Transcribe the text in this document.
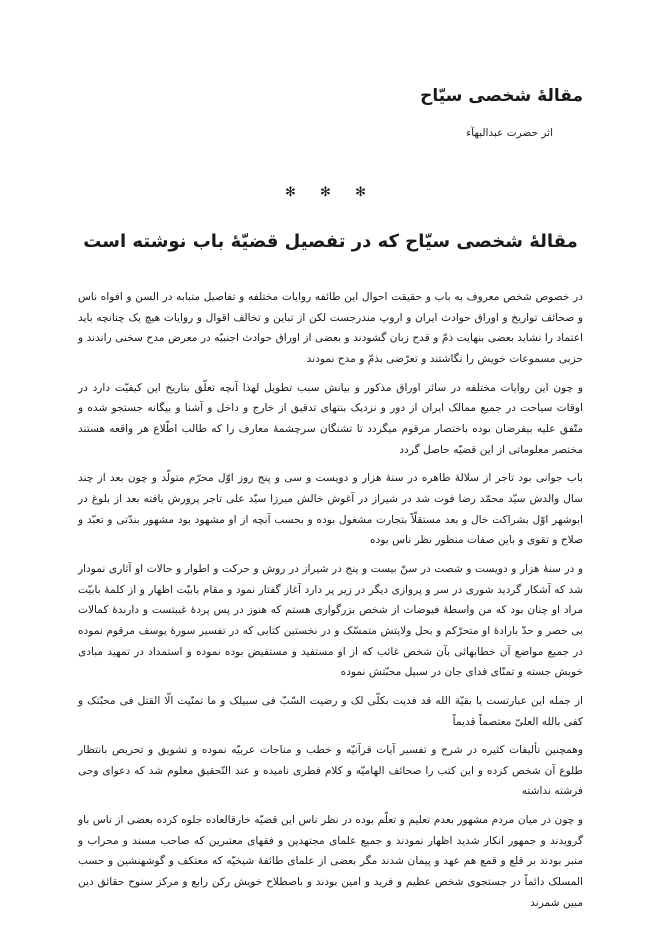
مقالهٔ شخصی سیّاح
اثر حضرت عبدالبهآء
✻ ✻ ✻
مقالهٔ شخصی سیّاح که در تفصیل قضیّهٔ باب نوشته است

در خصوص شخص معروف به باب و حقیقت احوال این طائفه روایات مختلفه و تفاصیل متبابه در السن و افواه ناس و صحائف تواریخ و اوراق حوادث ایران و اروپ مندرجست لکن از تباین و تخالف اقوال و روایات هیچ یک چنانچه باید اعتماد را نشاید بعضی بنهایت ذمّ و قدح زبان گشودند و بعضی از اوراق حوادث اجنبیّه در معرض مدح سخنی راندند و حزبی مسموعات خویش را نگاشتند و تعرّضی بذمّ و مدح نمودند

و چون این روایات مختلفه در سائر اوراق مذکور و بیانش سبب تطویل لهذا آنچه تعلّق بتاریخ این کیفیّت دارد در اوقات سیاحت در جمیع ممالک ایران از دور و نزدیک بنتهای تدقیق از خارج و داخل و آشنا و بیگانه جستجو شده و متّفق علیه بیفرضان بوده باختصار مرقوم میگردد تا تشنگان سرچشمهٔ معارف را که طالب اطّلاع هر واقعه هستند مختصر معلوماتی از این قضیّه حاصل گردد

باب جوانی بود تاجر از سلالهٔ طاهره در سنهٔ هزار و دویست و سی و پنج روز اوّل محرّم متولّد و چون بعد از چند سال والدش سیّد محمّد رضا فوت شد در شیراز در آغوش خالش میرزا سیّد علی تاجر پرورش یافته بعد از بلوغ در ابوشهر اوّل بشراکت خال و بعد مستقلّاً بتجارت مشغول بوده و بحسب آنچه از او مشهود بود مشهور بندّتی و تعبّد و صلاح و تقوی و باین صفات منظور نظر ناس بوده

و در سنهٔ هزار و دویست و شصت در سنّ بیست و پنج در شیراز در روش و حرکت و اطوار و حالات او آثاری نمودار شد که آشکار گردید شوری در سر و پروازی دیگر در زیر پر دارد آغاز گفتار نمود و مقام بابیّت اظهار و از کلمهٔ بابیّت مراد او چنان بود که من واسطهٔ فیوضات از شخص بزرگواری هستم که هنوز در پس پردهٔ غیبتست و دارندهٔ کمالات بی حصر و حدّ بارادهٔ او متحرّکم و بحل ولایتش متمسّک و در نخستین کتابی که در تفسیر سورهٔ یوسف مرقوم نموده در جمیع مواضع آن خطابهائی بآن شخص غائب که از او مستفید و مستفیض بوده نموده و استمداد در تمهید مبادی خویش جسته و تمنّای فدای جان در سبیل محبّتش نموده

از جمله این عبارتست یا بقیّة الله قد فدیت بکلّی لک و رضیت السّبّ فی سبیلک و ما تمنّیت الّا القتل فی محبّتک و کفی بالله العلیّ معتصماً قدیماً

وهمچنین تألیفات کثیره در شرح و تفسیر آیات قرآنیّه و خطب و مناجات عربیّه نموده و تشویق و تحریص بانتظار طلوع آن شخص کرده و این کتب را صحائف الهامیّه و کلام فطری نامیده و عند التّحقیق معلوم شد که دعوای وحی فرشته نداشته

و چون در میان مردم مشهور بعدم تعلیم و تعلّم بوده در نظر ناس این قضیّه خارقالعاده جلوه کرده بعضی از ناس باو گرویدند و جمهور انکار شدید اظهار نمودند و جمیع علمای مجتهدین و فقهای معتبرین که صاحب مسند و محراب و منبر بودند بر قلع و قمع هم عهد و پیمان شدند مگر بعضی از علمای طائفهٔ شیخیّه که معتکف و گوشهنشین و حسب المسلک دائماً در جستجوی شخص عظیم و فرید و امین بودند و باصطلاح خویش رکن رابع و مرکز سنوح حقائق دین مبین شمرند
